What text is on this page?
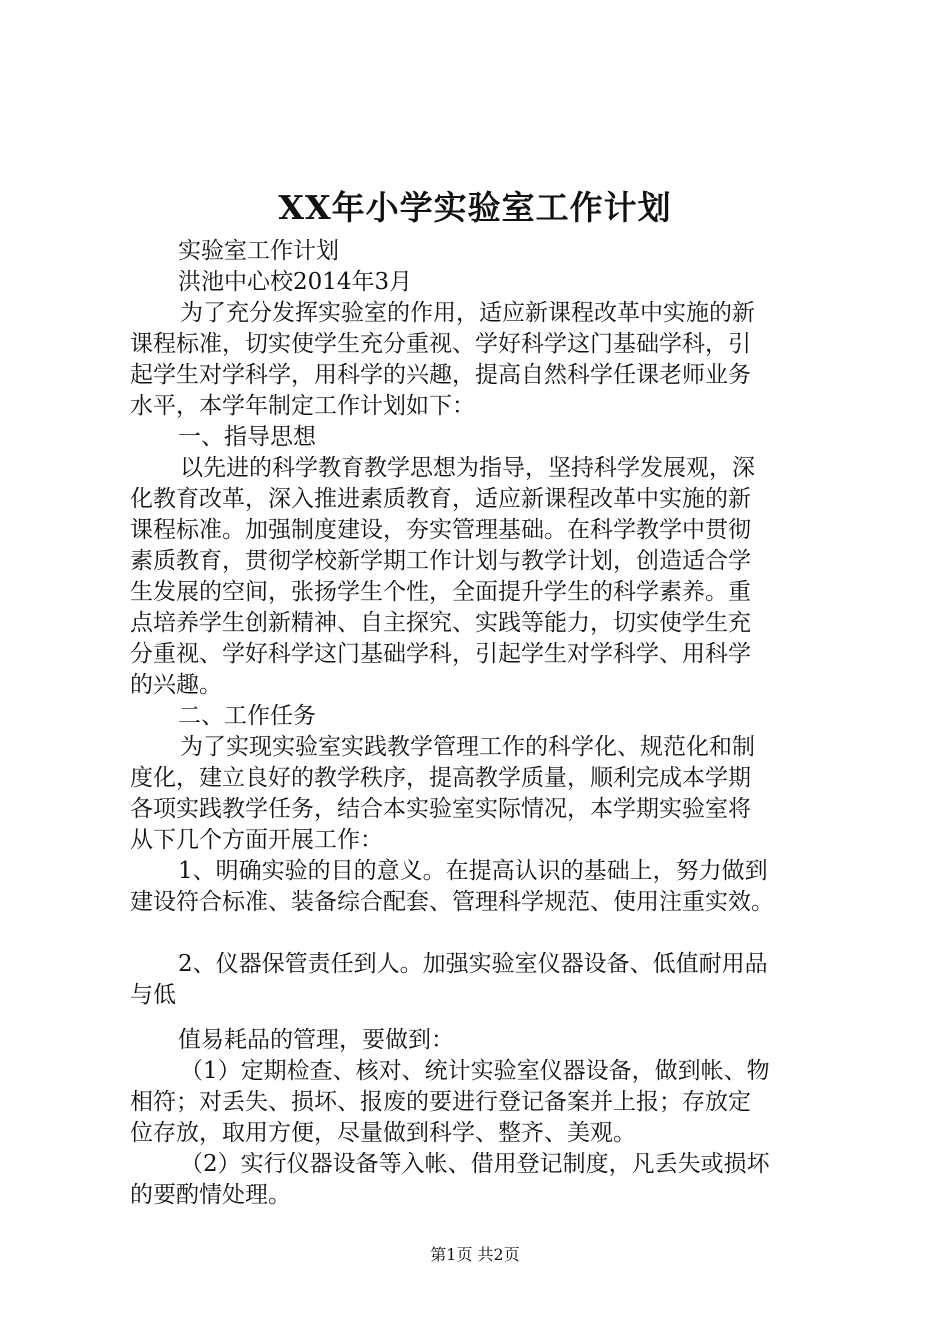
XX年小学实验室工作计划
实验室工作计划
洪池中心校2014年3月
为了充分发挥实验室的作用，适应新课程改革中实施的新
课程标准，切实使学生充分重视、学好科学这门基础学科，引
起学生对学科学，用科学的兴趣，提高自然科学任课老师业务
水平，本学年制定工作计划如下：
一、指导思想
以先进的科学教育教学思想为指导，坚持科学发展观，深
化教育改革，深入推进素质教育，适应新课程改革中实施的新
课程标准。加强制度建设，夯实管理基础。在科学教学中贯彻
素质教育，贯彻学校新学期工作计划与教学计划，创造适合学
生发展的空间，张扬学生个性，全面提升学生的科学素养。重
点培养学生创新精神、自主探究、实践等能力，切实使学生充
分重视、学好科学这门基础学科，引起学生对学科学、用科学
的兴趣。
二、工作任务
为了实现实验室实践教学管理工作的科学化、规范化和制
度化，建立良好的教学秩序，提高教学质量，顺利完成本学期
各项实践教学任务，结合本实验室实际情况，本学期实验室将
从下几个方面开展工作：
1、明确实验的目的意义。在提高认识的基础上，努力做到
建设符合标准、装备综合配套、管理科学规范、使用注重实效。
2、仪器保管责任到人。加强实验室仪器设备、低值耐用品
与低
值易耗品的管理，要做到：
（1）定期检查、核对、统计实验室仪器设备，做到帐、物
相符；对丢失、损坏、报废的要进行登记备案并上报；存放定
位存放，取用方便，尽量做到科学、整齐、美观。
（2）实行仪器设备等入帐、借用登记制度，凡丢失或损坏
的要酌情处理。
第1页 共2页
